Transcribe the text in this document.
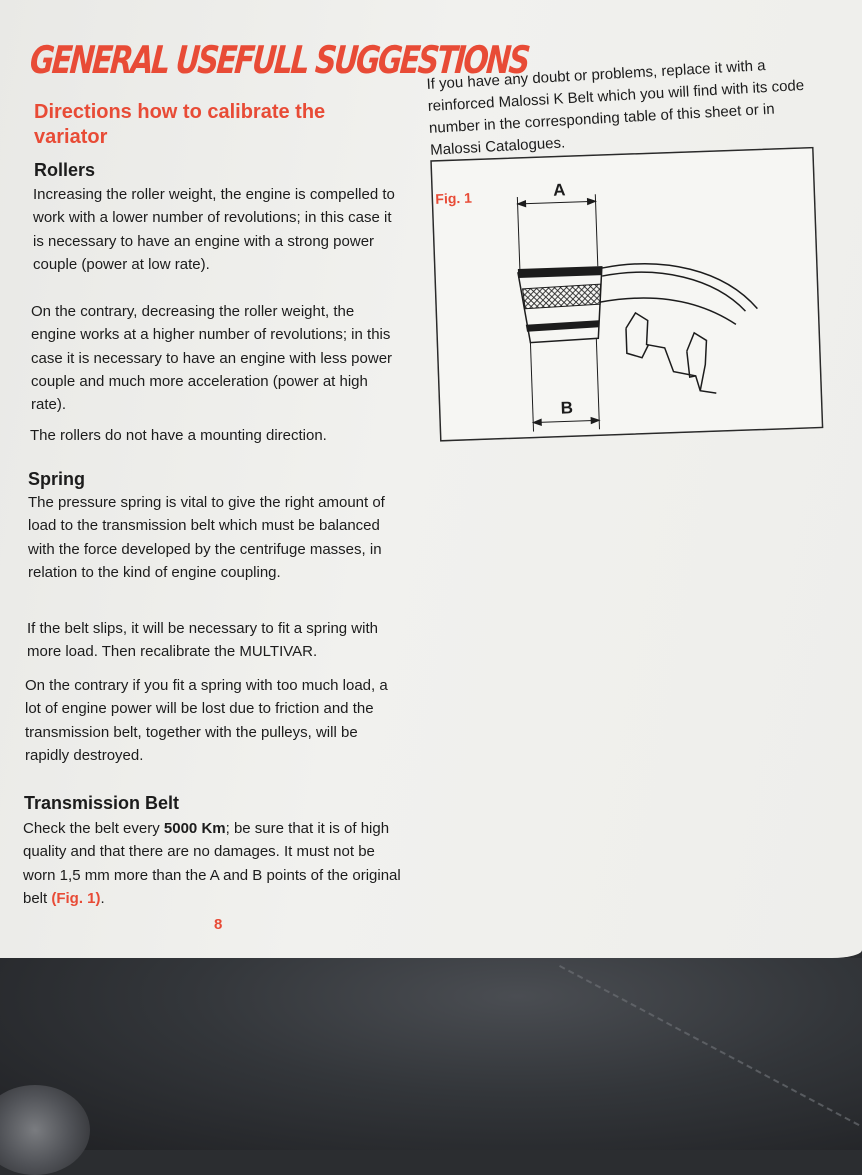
GENERAL USEFULL SUGGESTIONS
Directions how to calibrate the variator
Rollers

Increasing the roller weight, the engine is compelled to work with a lower number of revolutions; in this case it is necessary to have an engine with a strong power couple (power at low rate).

On the contrary, decreasing the roller weight, the engine works at a higher number of revolutions; in this case it is necessary to have an engine with less power couple and much more acceleration (power at high rate).

The rollers do not have a mounting direction.

Spring

The pressure spring is vital to give the right amount of load to the transmission belt which must be balanced with the force developed by the centrifuge masses, in relation to the kind of engine coupling.

If the belt slips, it will be necessary to fit a spring with more load. Then recalibrate the MULTIVAR.

On the contrary if you fit a spring with too much load, a lot of engine power will be lost due to friction and the transmission belt, together with the pulleys, will be rapidly destroyed.

Transmission Belt

Check the belt every 5000 Km; be sure that it is of high quality and that there are no damages. It must not be worn 1,5 mm more than the A and B points of the original belt (Fig. 1).

8

If you have any doubt or problems, replace it with a reinforced Malossi K Belt which you will find with its code number in the corresponding table of this sheet or in Malossi Catalogues.

Fig. 1	A
B
